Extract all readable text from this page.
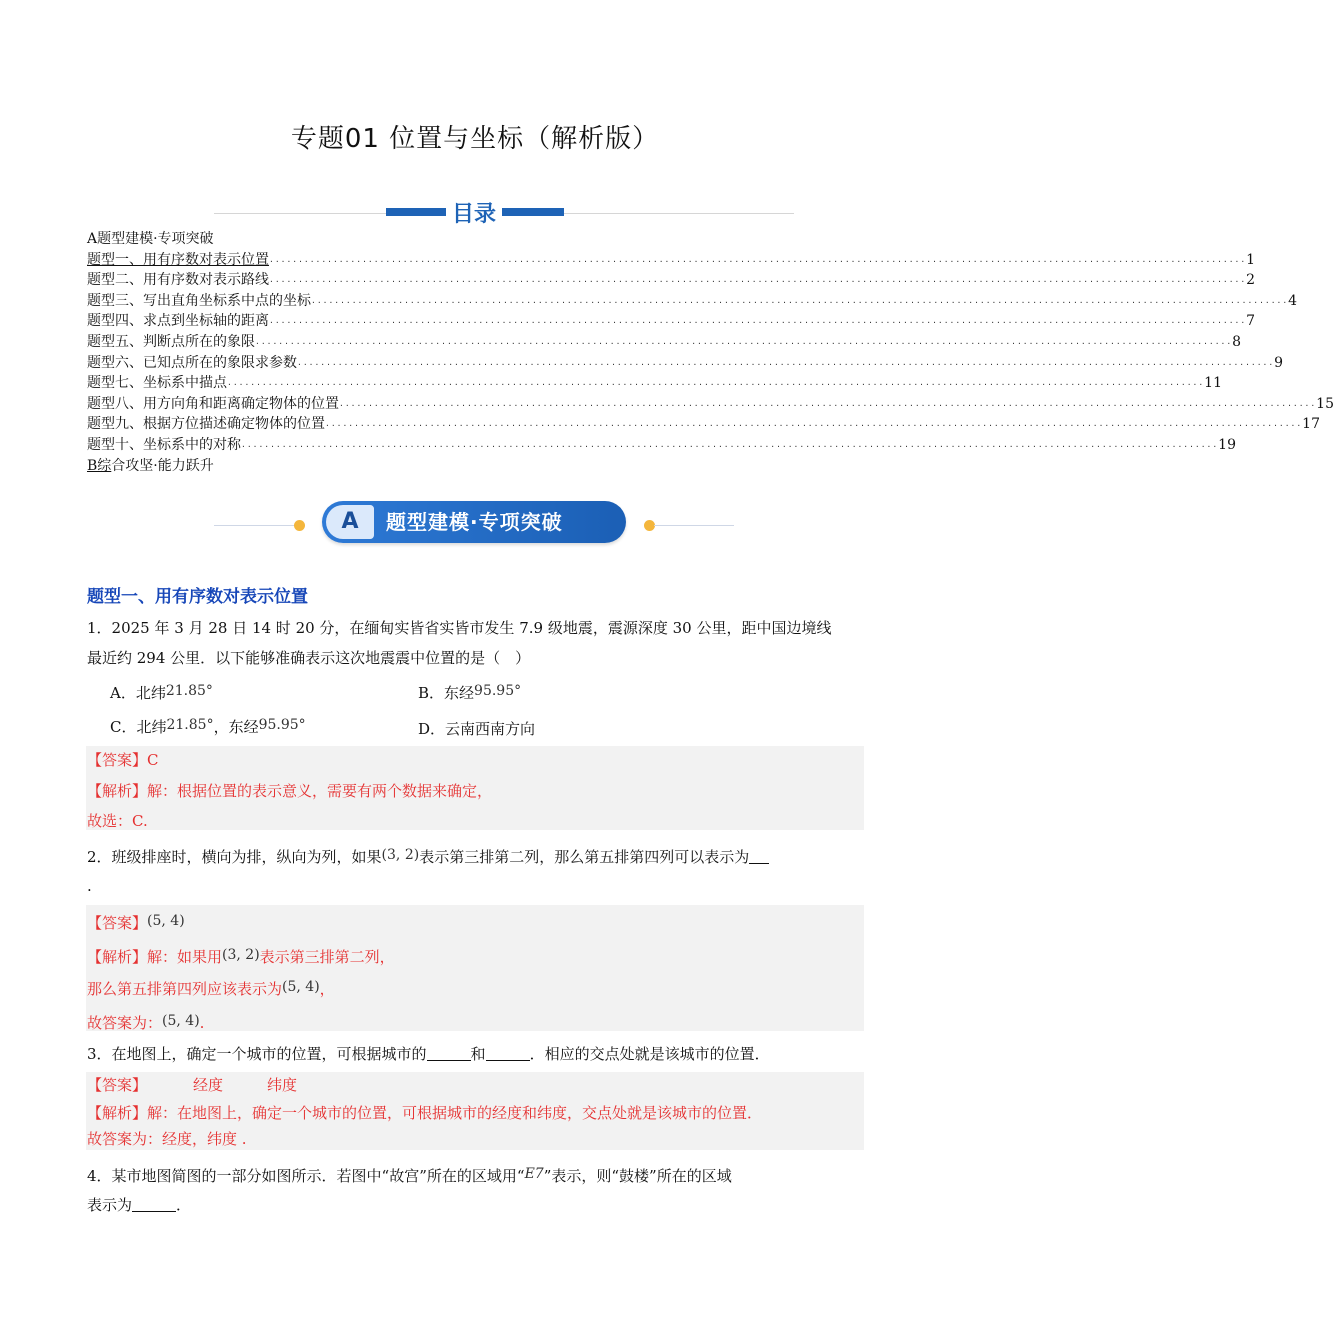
专题01 位置与坐标（解析版）
目录
A题型建模·专项突破
题型一、用有序数对表示位置 ........................................................................................................................................................................ 1
题型二、用有序数对表示路线 ........................................................................................................................................................................ 2
题型三、写出直角坐标系中点的坐标 ........................................................................................................................................................................ 4
题型四、求点到坐标轴的距离 ........................................................................................................................................................................ 7
题型五、判断点所在的象限 ........................................................................................................................................................................ 8
题型六、已知点所在的象限求参数 ........................................................................................................................................................................ 9
题型七、坐标系中描点 ........................................................................................................................................................................ 11
题型八、用方向角和距离确定物体的位置 ........................................................................................................................................................................ 15
题型九、根据方位描述确定物体的位置 ........................................................................................................................................................................ 17
题型十、坐标系中的对称 ........................................................................................................................................................................ 19
B综 合攻坚·能力跃升
A	题型建模·专项突破
题型一、用有序数对表示位置
1．2025 年 3 月 28 日 14 时 20 分，在缅甸实皆省实皆市发生 7.9 级地震，震源深度 30 公里，距中国边境线
最近约 294 公里．以下能够准确表示这次地震震中位置的是（　）
A．北纬21.85°	B．东经95.95°
C．北纬21.85°，东经95.95°	D．云南西南方向
【答案】C
【解析】解：根据位置的表示意义，需要有两个数据来确定，
故选：C.
2．班级排座时，横向为排，纵向为列，如果(3, 2)表示第三排第二列，那么第五排第四列可以表示为
.
【答案】(5, 4)
【解析】解：如果用(3, 2)表示第三排第二列，
那么第五排第四列应该表示为(5, 4)，
故答案为：(5, 4).
3．在地图上，确定一个城市的位置，可根据城市的	和	．相应的交点处就是该城市的位置．
【答案】	经度	纬度
【解析】解：在地图上，确定一个城市的位置，可根据城市的经度和纬度，交点处就是该城市的位置．
故答案为：经度，纬度 .
4．某市地图简图的一部分如图所示．若图中“故宫”所在的区域用“E7”表示，则“鼓楼”所在的区域
表示为	．
